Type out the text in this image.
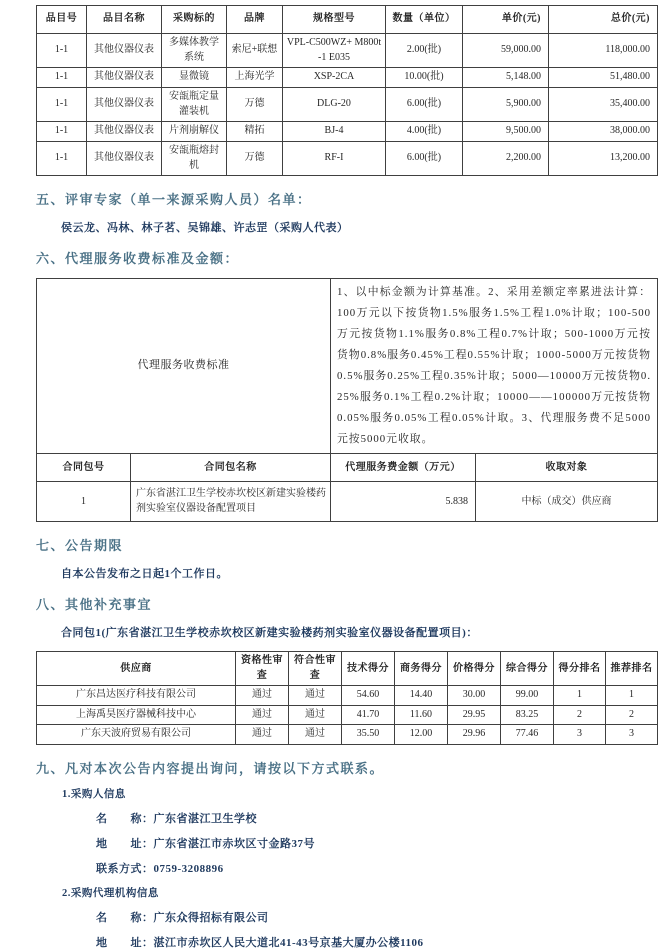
品目号	品目名称	采购标的	品牌	规格型号	数量（单位）	单价(元)	总价(元)
1-1	其他仪器仪表	多媒体教学系统	索尼+联想	VPL-C500WZ+ M800t-1 E035	2.00(批)	59,000.00	118,000.00
1-1	其他仪器仪表	显微镜	上海光学	XSP-2CA	10.00(批)	5,148.00	51,480.00
1-1	其他仪器仪表	安瓿瓶定量灌装机	万德	DLG-20	6.00(批)	5,900.00	35,400.00
1-1	其他仪器仪表	片剂崩解仪	精拓	BJ-4	4.00(批)	9,500.00	38,000.00
1-1	其他仪器仪表	安瓿瓶熔封机	万德	RF-I	6.00(批)	2,200.00	13,200.00
五、评审专家（单一来源采购人员）名单：
侯云龙、冯林、林子茗、吴锦雄、许志罡（采购人代表）
六、代理服务收费标准及金额：
代理服务收费标准		1、以中标金额为计算基准。2、采用差额定率累进法计算：100万元以下按货物1.5%服务1.5%工程1.0%计取；100-500万元按货物1.1%服务0.8%工程0.7%计取；500-1000万元按货物0.8%服务0.45%工程0.55%计取；1000-5000万元按货物0.5%服务0.25%工程0.35%计取；5000—10000万元按货物0.25%服务0.1%工程0.2%计取；10000——100000万元按货物0.05%服务0.05%工程0.05%计取。3、代理服务费不足5000元按5000元收取。	
合同包号	合同包名称	代理服务费金额（万元）	收取对象
1	广东省湛江卫生学校赤坎校区新建实验楼药剂实验室仪器设备配置项目	5.838	中标（成交）供应商
七、公告期限
自本公告发布之日起1个工作日。
八、其他补充事宜
合同包1(广东省湛江卫生学校赤坎校区新建实验楼药剂实验室仪器设备配置项目)：
供应商	资格性审查	符合性审查	技术得分	商务得分	价格得分	综合得分	得分排名	推荐排名
广东昌达医疗科技有限公司	通过	通过	54.60	14.40	30.00	99.00	1	1
上海禹昊医疗器械科技中心	通过	通过	41.70	11.60	29.95	83.25	2	2
广东天波府贸易有限公司	通过	通过	35.50	12.00	29.96	77.46	3	3
九、凡对本次公告内容提出询问，请按以下方式联系。
1.采购人信息
名　　称：广东省湛江卫生学校
地　　址：广东省湛江市赤坎区寸金路37号
联系方式：0759-3208896
2.采购代理机构信息
名　　称：广东众得招标有限公司
地　　址：湛江市赤坎区人民大道北41-43号京基大厦办公楼1106
